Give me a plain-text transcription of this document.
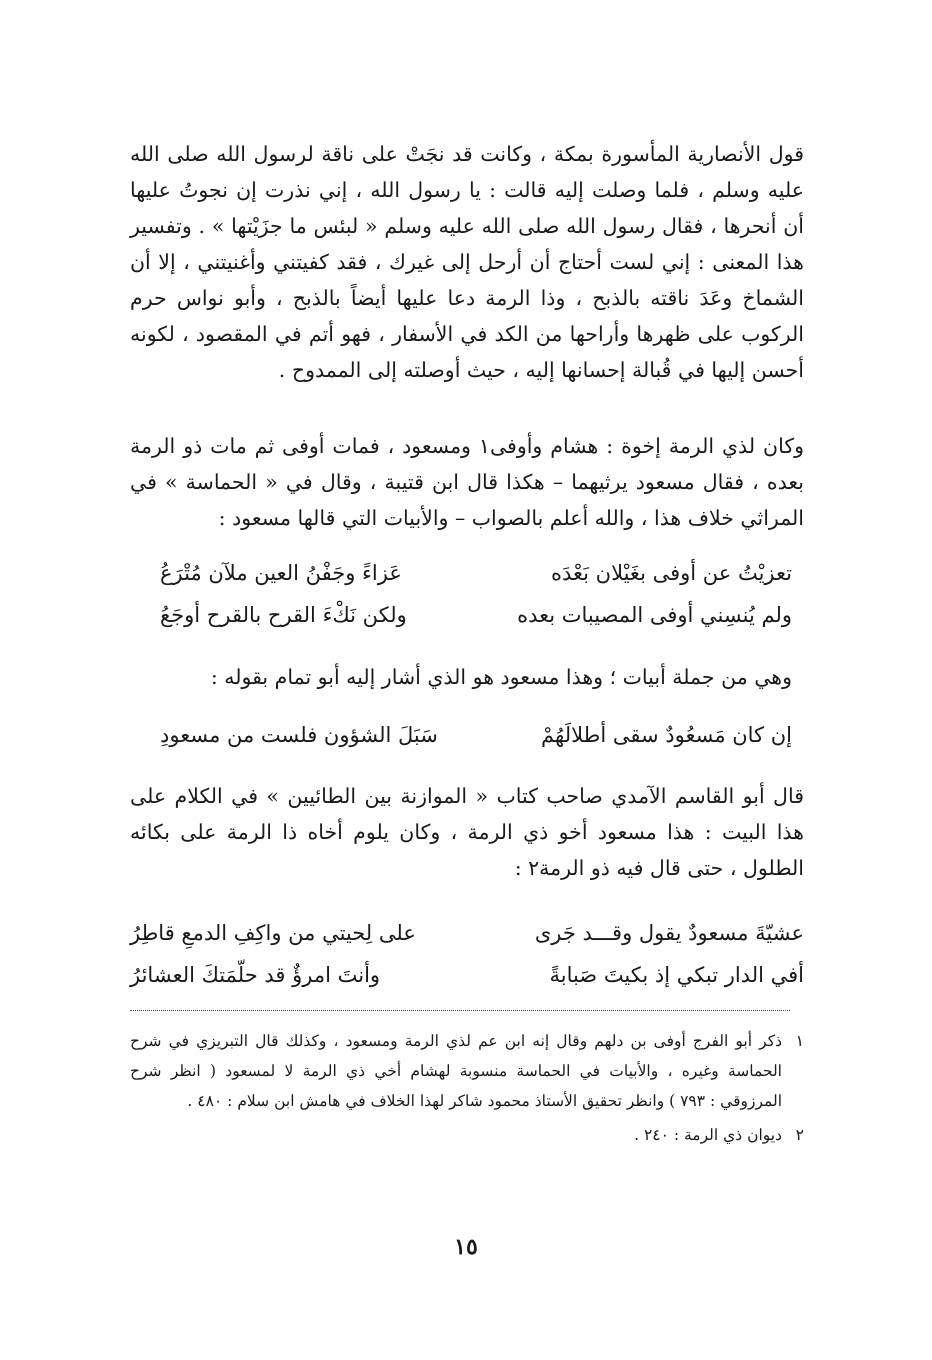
قول الأنصارية المأسورة بمكة ، وكانت قد نجَتْ على ناقة لرسول الله صلى الله عليه وسلم ، فلما وصلت إليه قالت : يا رسول الله ، إني نذرت إن نجوتُ عليها أن أنحرها ، فقال رسول الله صلى الله عليه وسلم « لبئس ما جزَيْتها » . وتفسير هذا المعنى : إني لست أحتاج أن أرحل إلى غيرك ، فقد كفيتني وأغنيتني ، إلا أن الشماخ وعَدَ ناقته بالذبح ، وذا الرمة دعا عليها أيضاً بالذبح ، وأبو نواس حرم الركوب على ظهرها وأراحها من الكد في الأسفار ، فهو أتم في المقصود ، لكونه أحسن إليها في قُبالة إحسانها إليه ، حيث أوصلته إلى الممدوح .
وكان لذي الرمة إخوة : هشام وأوفى١ ومسعود ، فمات أوفى ثم مات ذو الرمة بعده ، فقال مسعود يرثيهما – هكذا قال ابن قتيبة ، وقال في « الحماسة » في المراثي خلاف هذا ، والله أعلم بالصواب – والأبيات التي قالها مسعود :
تعزيْتُ عن أوفى بغَيْلان بَعْدَه
عَزاءً وجَفْنُ العين ملآن مُتْرَعُ
ولم يُنسِني أوفى المصيبات بعده
ولكن نَكْءَ القرح بالقرح أوجَعُ
وهي من جملة أبيات ؛ وهذا مسعود هو الذي أشار إليه أبو تمام بقوله :
إن كان مَسعُودٌ سقى أطلالَهُمْ
سَبَلَ الشؤون فلست من مسعودِ
قال أبو القاسم الآمدي صاحب كتاب « الموازنة بين الطائيين » في الكلام على هذا البيت : هذا مسعود أخو ذي الرمة ، وكان يلوم أخاه ذا الرمة على بكائه الطلول ، حتى قال فيه ذو الرمة٢ :
عشيّةَ مسعودٌ يقول وقـــد جَرى
على لِحيتي من واكِفِ الدمعِ قاطِرُ
أفي الدار تبكي إذ بكيتَ صَبابةً
وأنتَ امرؤٌ قد حلّمَتكَ العشائرُ
١
ذكر أبو الفرج أوفى بن دلهم وقال إنه ابن عم لذي الرمة ومسعود ، وكذلك قال التبريزي في شرح الحماسة وغيره ، والأبيات في الحماسة منسوبة لهشام أخي ذي الرمة لا لمسعود ( انظر شرح المرزوقي : ٧٩٣ ) وانظر تحقيق الأستاذ محمود شاكر لهذا الخلاف في هامش ابن سلام : ٤٨٠ .
٢
ديوان ذي الرمة : ٢٤٠ .
١٥
